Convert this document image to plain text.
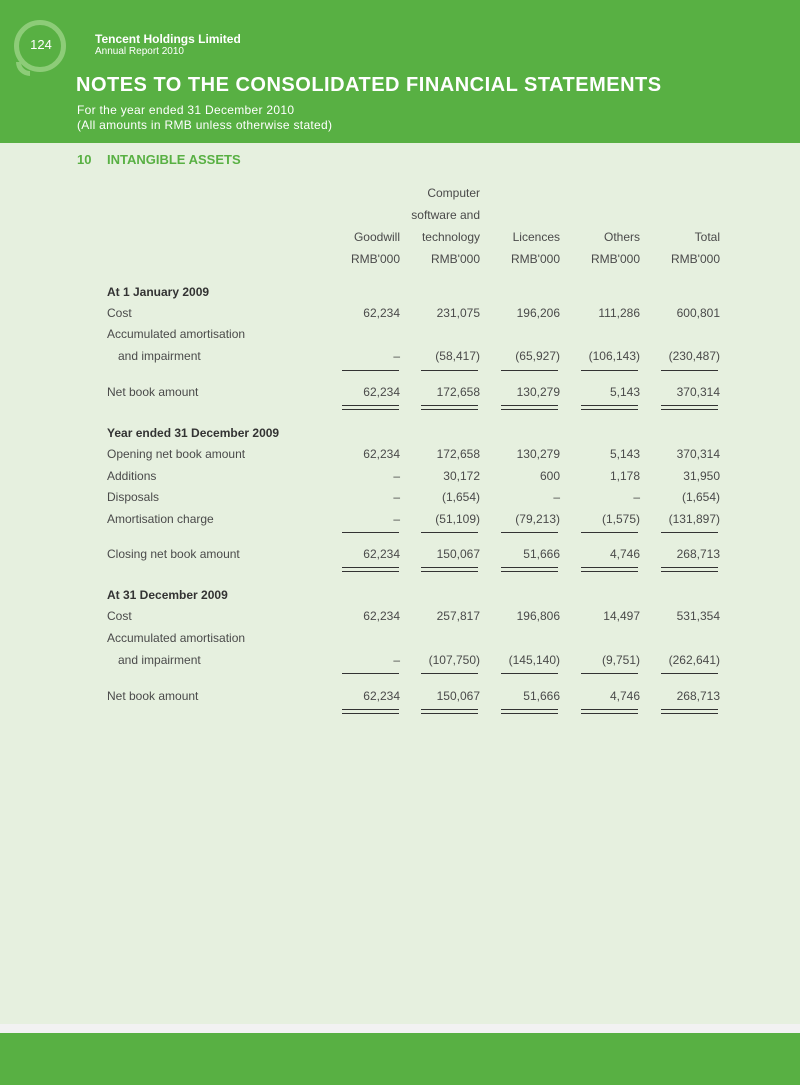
124	Tencent Holdings Limited
Annual Report 2010
NOTES TO THE CONSOLIDATED FINANCIAL STATEMENTS
For the year ended 31 December 2010
(All amounts in RMB unless otherwise stated)
10 INTANGIBLE ASSETS
Computer
software and
Goodwill	technology	Licences	Others	Total
RMB'000	RMB'000	RMB'000	RMB'000	RMB'000
At 1 January 2009
Cost	62,234	231,075	196,206	111,286	600,801
Accumulated amortisation
and impairment	–	(58,417)	(65,927)	(106,143)	(230,487)
Net book amount	62,234	172,658	130,279	5,143	370,314
Year ended 31 December 2009
Opening net book amount	62,234	172,658	130,279	5,143	370,314
Additions	–	30,172	600	1,178	31,950
Disposals	–	(1,654)	–	–	(1,654)
Amortisation charge	–	(51,109)	(79,213)	(1,575)	(131,897)
Closing net book amount	62,234	150,067	51,666	4,746	268,713
At 31 December 2009
Cost	62,234	257,817	196,806	14,497	531,354
Accumulated amortisation
and impairment	–	(107,750)	(145,140)	(9,751)	(262,641)
Net book amount	62,234	150,067	51,666	4,746	268,713
